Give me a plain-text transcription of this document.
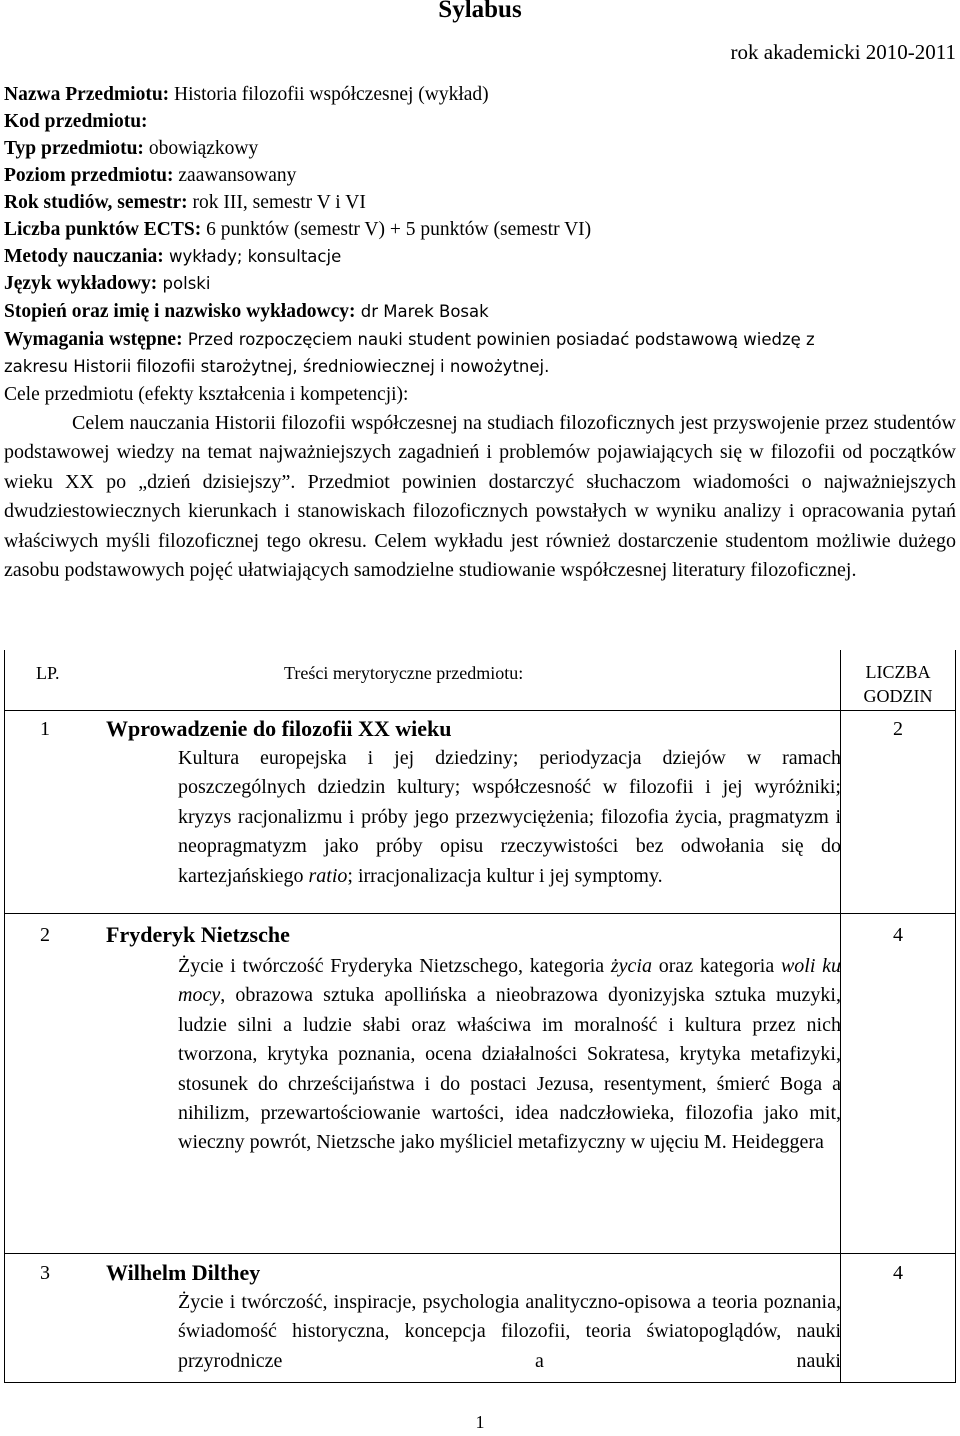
Sylabus
rok akademicki 2010-2011
Nazwa Przedmiotu: Historia filozofii współczesnej (wykład)
Kod przedmiotu:
Typ przedmiotu: obowiązkowy
Poziom przedmiotu: zaawansowany
Rok studiów, semestr: rok III, semestr V i VI
Liczba punktów ECTS: 6 punktów (semestr V) + 5 punktów (semestr VI)
Metody nauczania: wykłady; konsultacje
Język wykładowy: polski
Stopień oraz imię i nazwisko wykładowcy: dr Marek Bosak
Wymagania wstępne: Przed rozpoczęciem nauki student powinien posiadać podstawową wiedzę z
zakresu Historii filozofii starożytnej, średniowiecznej i nowożytnej.
Cele przedmiotu (efekty kształcenia i kompetencji):
Celem nauczania Historii filozofii współczesnej na studiach filozoficznych jest przyswojenie przez studentów podstawowej wiedzy na temat najważniejszych zagadnień i problemów pojawiających się w filozofii od początków wieku XX po „dzień dzisiejszy”. Przedmiot powinien dostarczyć słuchaczom wiadomości o najważniejszych dwudziestowiecznych kierunkach i stanowiskach filozoficznych powstałych w wyniku analizy i opracowania pytań właściwych myśli filozoficznej tego okresu. Celem wykładu jest również dostarczenie studentom możliwie dużego zasobu podstawowych pojęć ułatwiających samodzielne studiowanie współczesnej literatury filozoficznej.
LP.	Treści merytoryczne przedmiotu:	LICZBA
GODZIN
1	Wprowadzenie do filozofii XX wieku
Kultura europejska i jej dziedziny; periodyzacja dziejów w ramach poszczególnych dziedzin kultury; współczesność w filozofii i jej wyróżniki; kryzys racjonalizmu i próby jego przezwyciężenia; filozofia życia, pragmatyzm i neopragmatyzm jako próby opisu rzeczywistości bez odwołania się do kartezjańskiego ratio; irracjonalizacja kultur i jej symptomy.
2
2	Fryderyk Nietzsche
Życie i twórczość Fryderyka Nietzschego, kategoria życia oraz kategoria woli ku mocy, obrazowa sztuka apollińska a nieobrazowa dyonizyjska sztuka muzyki, ludzie silni a ludzie słabi oraz właściwa im moralność i kultura przez nich tworzona, krytyka poznania, ocena działalności Sokratesa, krytyka metafizyki, stosunek do chrześcijaństwa i do postaci Jezusa, resentyment, śmierć Boga a nihilizm, przewartościowanie wartości, idea nadczłowieka, filozofia jako mit, wieczny powrót, Nietzsche jako myśliciel metafizyczny w ujęciu M. Heideggera
4
3	Wilhelm Dilthey
Życie i twórczość, inspiracje, psychologia analityczno-opisowa a teoria poznania, świadomość historyczna, koncepcja filozofii, teoria światopoglądów, nauki przyrodnicze a nauki
4
1
